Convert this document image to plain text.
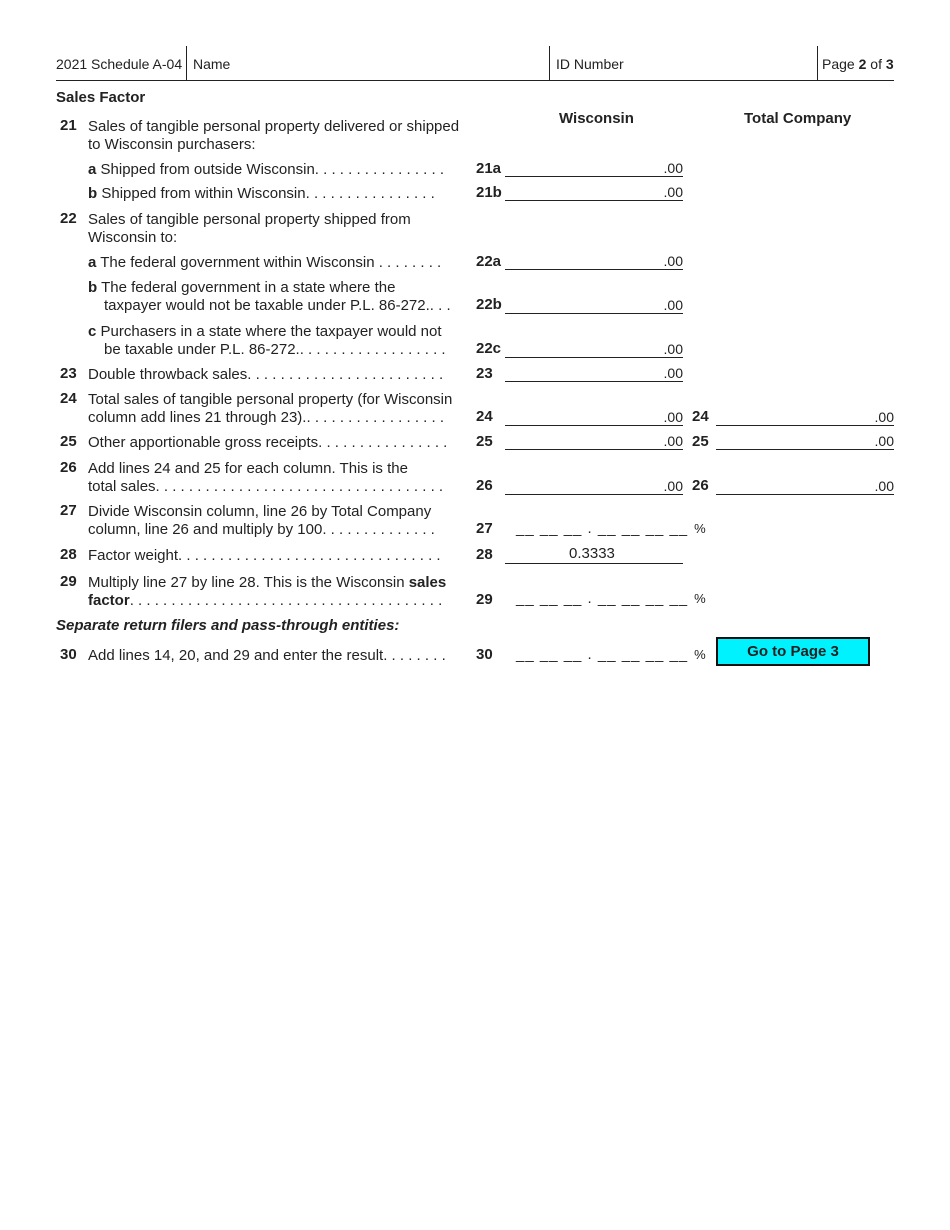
2021 Schedule A-04 Name	ID Number	Page 2 of 3
Sales Factor
Wisconsin	Total Company
21 Sales of tangible personal property delivered or shipped
to Wisconsin purchasers:
a Shipped from outside Wisconsin. . . . . . . . . . . . . . . . 21a	.00
b Shipped from within Wisconsin. . . . . . . . . . . . . . . .	21b	.00
22 Sales of tangible personal property shipped from
Wisconsin to:
a The federal government within Wisconsin . . . . . . . . 22a	.00
b The federal government in a state where the
taxpayer would not be taxable under P.L. 86-272.. . . 22b	.00
c Purchasers in a state where the taxpayer would not
be taxable under P.L. 86-272.. . . . . . . . . . . . . . . . . . 22c	.00
23 Double throwback sales. . . . . . . . . . . . . . . . . . . . . . . . 23	.00
24 Total sales of tangible personal property (for Wisconsin
column add lines 21 through 23).. . . . . . . . . . . . . . . . . 24	.00 24	.00
25 Other apportionable gross receipts. . . . . . . . . . . . . . . . 25	.00 25	.00
26 Add lines 24 and 25 for each column. This is the
total sales. . . . . . . . . . . . . . . . . . . . . . . . . . . . . . . . . . . 26	.00 26	.00
27 Divide Wisconsin column, line 26 by Total Company
column, line 26 and multiply by 100. . . . . . . . . . . . . .	27 __ __ __ . __ __ __ __ %
28 Factor weight. . . . . . . . . . . . . . . . . . . . . . . . . . . . . . . . 28	0.3333
29 Multiply line 27 by line 28. This is the Wisconsin sales
factor. . . . . . . . . . . . . . . . . . . . . . . . . . . . . . . . . . . . . . 29 __ __ __ . __ __ __ __ %
Separate return filers and pass-through entities:
30 Add lines 14, 20, and 29 and enter the result. . . . . . . . 30 __ __ __ . __ __ __ __ %	Go to Page 3
